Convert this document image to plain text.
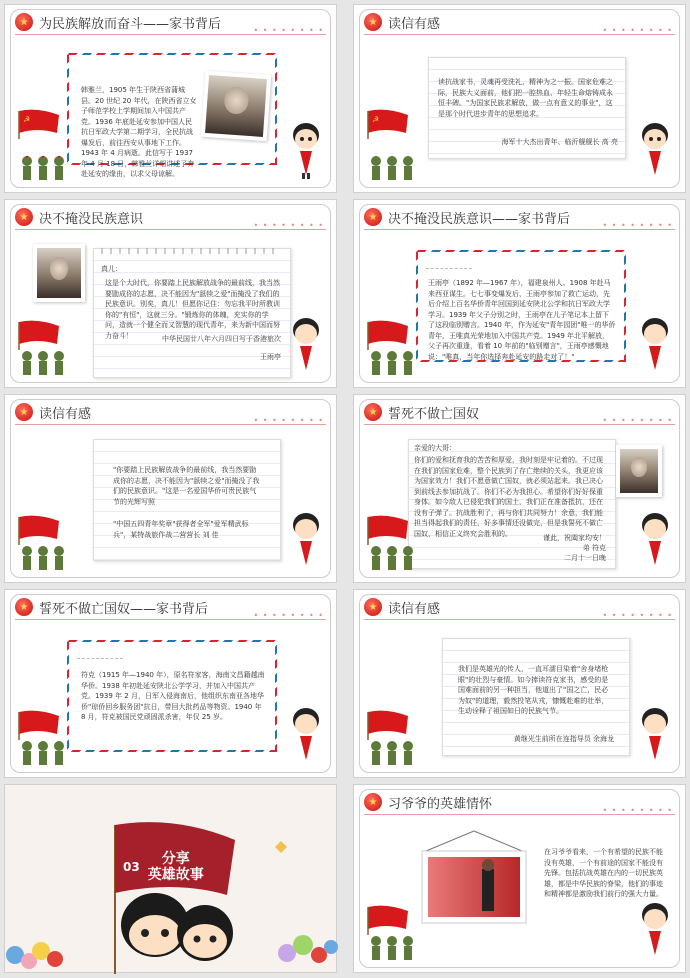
★ 为民族解放而奋斗——家书背后	• • • • • • • •
韩雅兰，1905 年生于陕西省蒲城县。20 世纪 20 年代，在陕西省立女子师范学校上学期间加入中国共产党。1936 年底赴延安参加中国人民抗日军政大学第二期学习，全民抗战爆发后，前往西安从事地下工作。1943 年 4 月病逝。此信写于 1937 年 4 月 18 日，韩雅兰详细讲述了奔赴延安的缘由，以求父母谅解。
☭
★ 读信有感	• • • • • • • •
读抗战家书，灵魂再受洗礼，精神为之一振。国家危难之际，民族大义面前，他们把一腔热血、年轻生命熔铸成永恒丰碑。"为国家民族求解放，做一点有意义的事业"，这是那个时代进步青年的思想追求。
海军十大杰出青年、临沂舰舰长 高 亮
☭
★ 决不掩没民族意识	• • • • • • • •
真儿：
这是个大时代，你要踏上民族解放战争的最前线，我当然要勖成你的志愿，决不能因为"舐犊之爱"而掩没了我们的民族意识。别矣，真儿！但愿你记住：勿忘我平时所教训你的"有恒"，这就三分。"锻炼你的体魄，充实你的学问，造就一个健全而又智慧的现代青年，来为新中国而努力奋斗！	中华民国廿八年六月四日写于香港旅次
王雨亭
★ 决不掩没民族意识——家书背后	• • • • • • • •
王雨亭（1892 年—1967 年），福建泉州人。1908 年赴马来西亚谋生。七七事变爆发后，王雨亭参加了救亡运动，先后介绍上百名华侨青年回国到延安陕北公学和抗日军政大学学习。1939 年父子分别之时，王雨亭在儿子笔记本上留下了这段临别赠言。1940 年，作为延安"青年园团"唯一的华侨青年，王唯真光荣地加入中国共产党。1949 年北平解放，父子再次重逢，看着 10 年前的"临别赠言"，王雨亭感慨地说："唯真，当年你选择奔赴延安的路走对了！"
★ 读信有感	• • • • • • • •
"你要踏上民族解放战争的最前线，我当然要勖成你的志愿，决不能因为"舐犊之爱"而掩没了我们的民族意识。"这是一名爱国华侨可贵民族气节的光辉写照
"中国五四青年奖章"获得者全军"爱军精武标兵"，某特战旅作战二营营长 刘 佳
★ 誓死不做亡国奴	• • • • • • • •
亲爱的大哥：
你们的爱和抚育我的苦苦和厚爱，我时刻是牢记着的。不过现在我们的国家危难，整个民族到了存亡绝续的关头，我更应该为国家效力！我们不愿意做亡国奴，就必须站起来。我已决心到前线去参加抗战了。你们不必为我担心。希望你们好好保重身体。如今敌人已侵犯我们的国土，我们正在准备抵抗，还在没有子弹了。抗战胜利了，再与你们共同努力！余意，我们能担当得起我们的责任，好多事情还没做完，但是我誓死不做亡国奴，相信正义终究会胜利的。
谨此，祝阖家均安！
弟 符克
二月十一日晚
★ 誓死不做亡国奴——家书背后	• • • • • • • •
符克（1915 年—1940 年），原名符家客，海南文昌籍越南华侨。1938 年初赴延安陕北公学学习，并加入中国共产党。1939 年 2 月，日军入侵海南后，他组织东南亚各地华侨"琼侨回乡服务团"抗日，带回大批药品等物资。1940 年 8 月，符克被国民党顽固派杀害，年仅 25 岁。
★ 读信有感	• • • • • • • •
我们是英雄光的传人，一直耳濡目染着"舍身堵枪眼"的壮烈与豪情。如今捧读符克家书，感受的是国难面前的另一种担当，他道出了"国之亡，民必为奴"的道理，毅然投笔从戎，慷慨赴难的壮举，生动诠释了祖国如日的民族气节。
黄继光生前所在连指导员 余海龙
03 分享
英雄故事
★ 习爷爷的英雄情怀	• • • • • • • •
在习爷爷看来，一个有希望的民族不能没有英雄，一个有前途的国家不能没有先锋。包括抗战英雄在内的一切民族英雄，都是中华民族的脊梁，他们的事迹和精神都是激励我们前行的强大力量。
